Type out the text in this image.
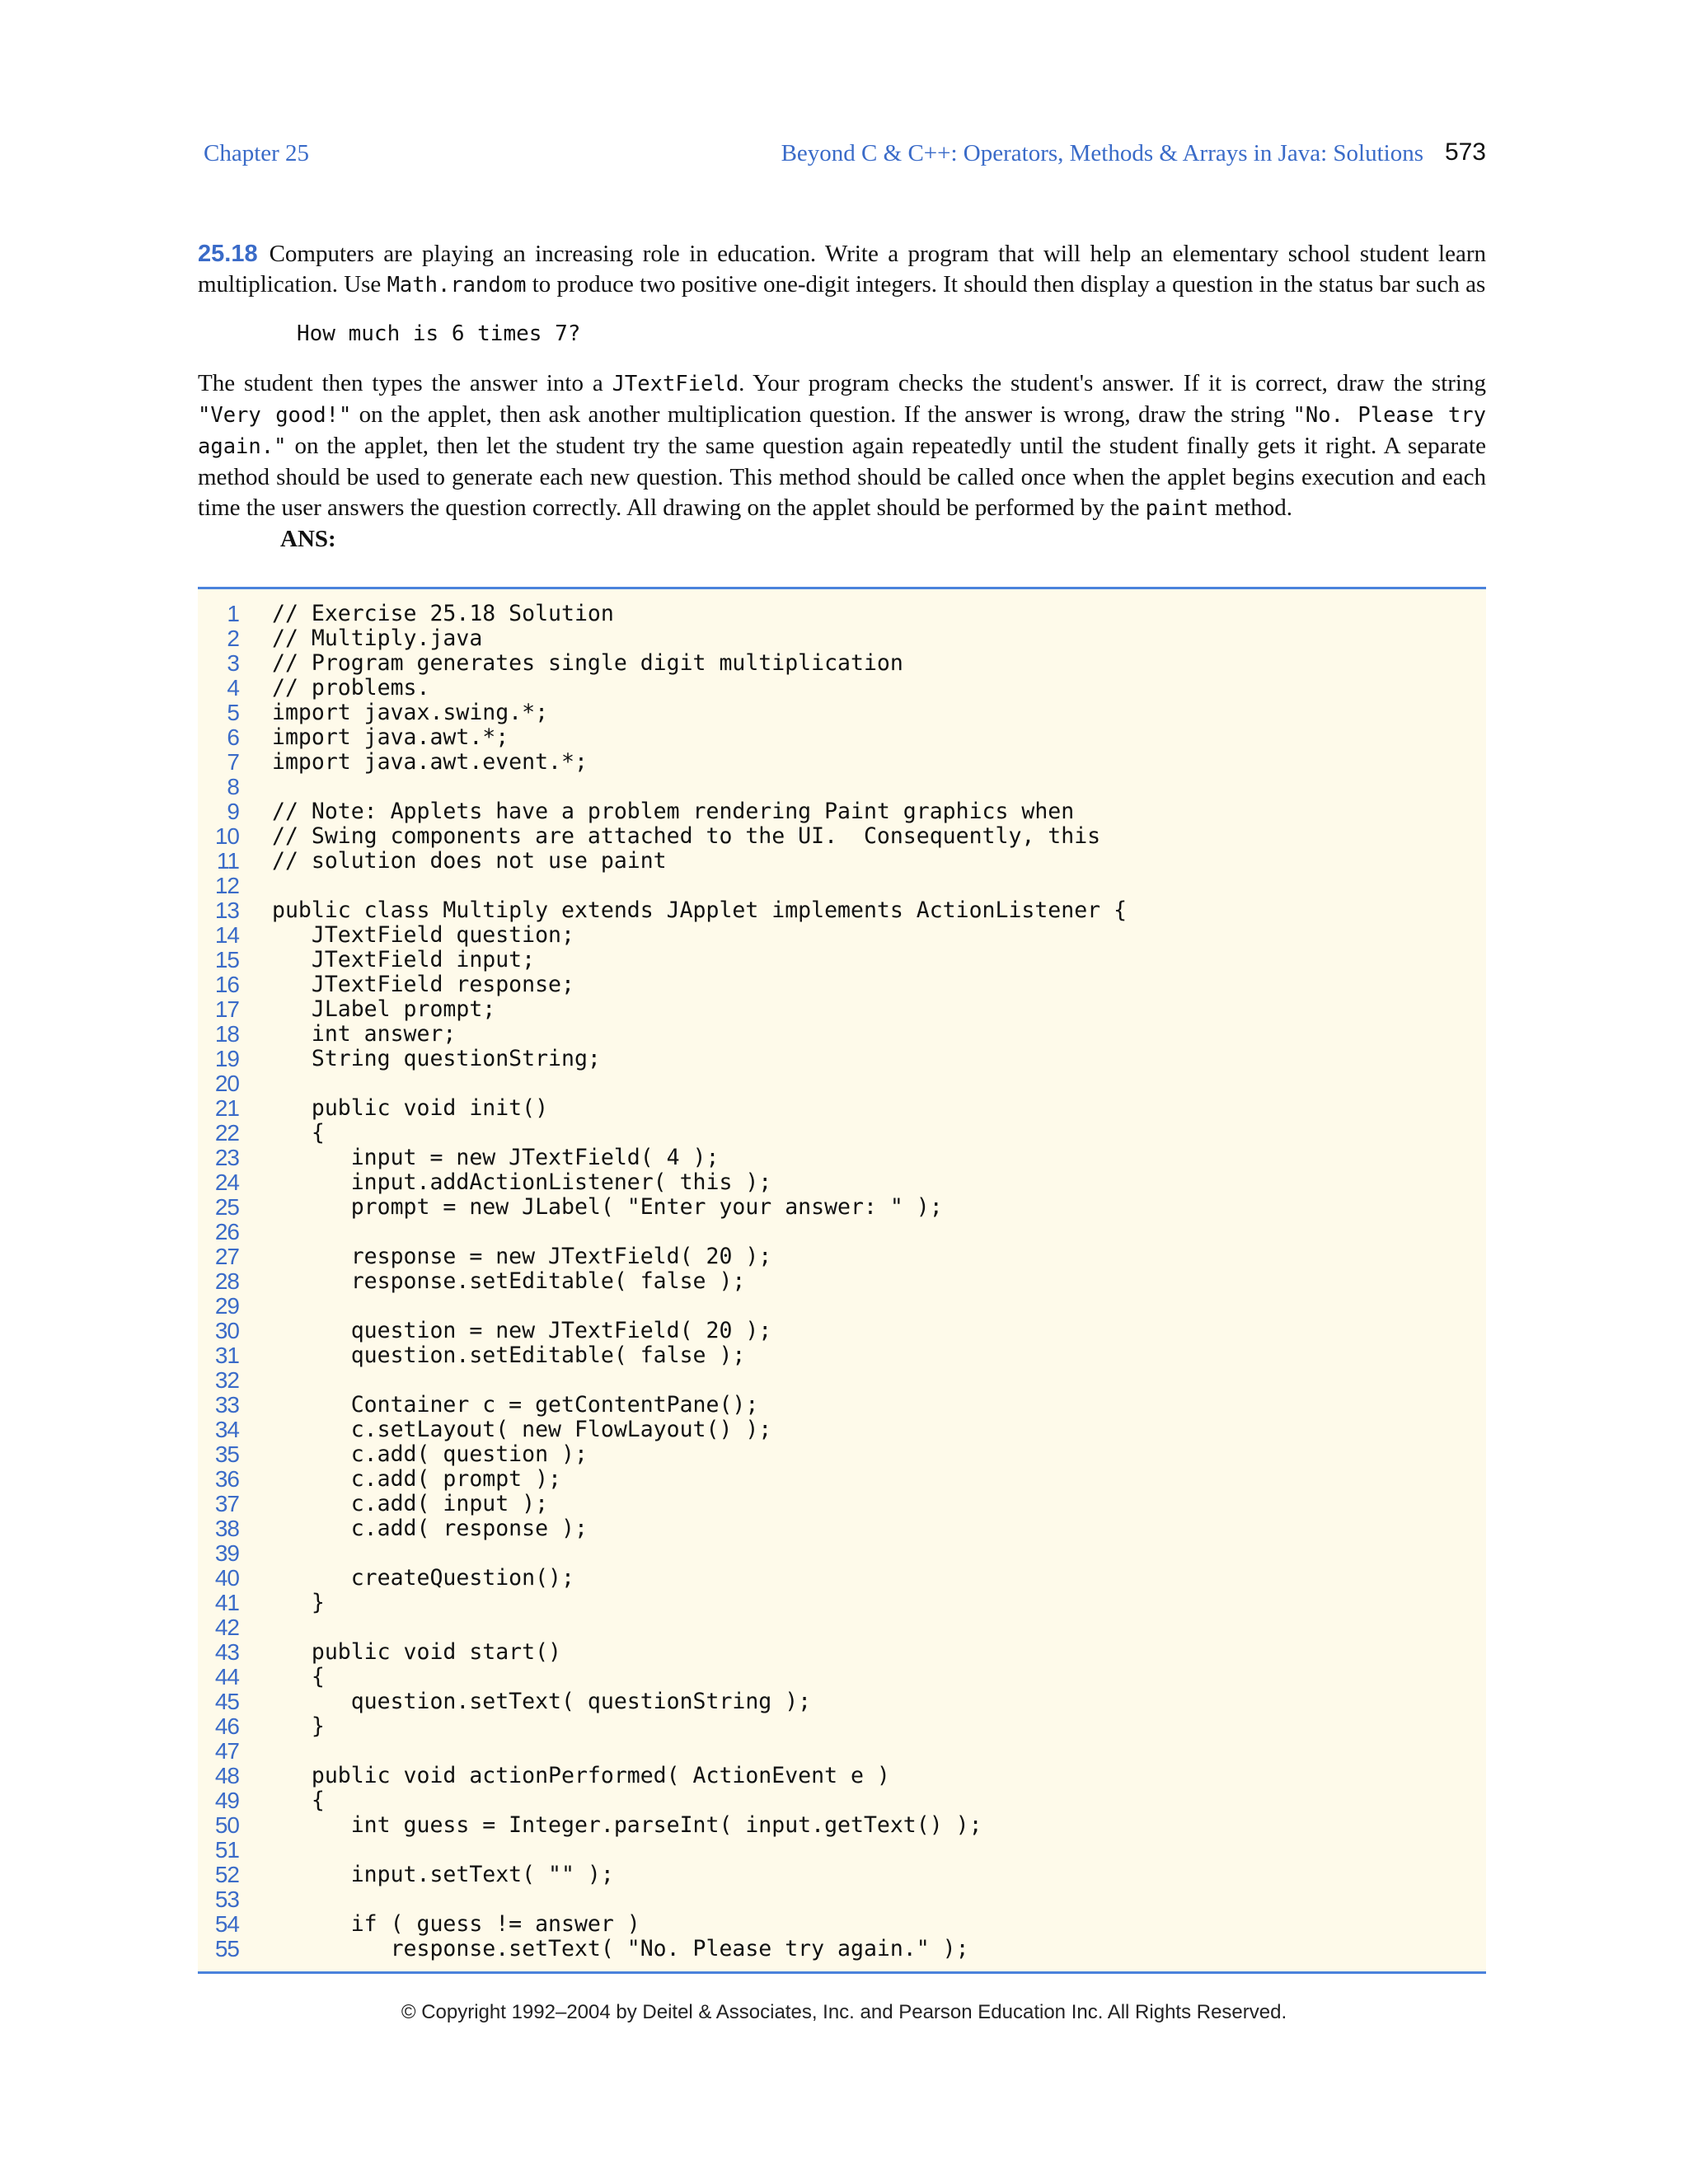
Chapter 25	Beyond C & C++: Operators, Methods & Arrays in Java: Solutions 573

25.18 Computers are playing an increasing role in education. Write a program that will help an elementary school student learn multiplication. Use Math.random to produce two positive one-digit integers. It should then display a question in the status bar such as

How much is 6 times 7?

The student then types the answer into a JTextField. Your program checks the student's answer. If it is correct, draw the string "Very good!" on the applet, then ask another multiplication question. If the answer is wrong, draw the string "No. Please try again." on the applet, then let the student try the same question again repeatedly until the student finally gets it right. A separate method should be used to generate each new question. This method should be called once when the applet begins execution and each time the user answers the question correctly. All drawing on the applet should be performed by the paint method.

ANS:

1 // Exercise 25.18 Solution
2 // Multiply.java
3 // Program generates single digit multiplication
4 // problems.
5 import javax.swing.*;
6 import java.awt.*;
7 import java.awt.event.*;
8
9 // Note: Applets have a problem rendering Paint graphics when
10 // Swing components are attached to the UI.  Consequently, this
11 // solution does not use paint
12
13 public class Multiply extends JApplet implements ActionListener {
14 JTextField question;
15 JTextField input;
16 JTextField response;
17 JLabel prompt;
18 int answer;
19 String questionString;
20
21 public void init()
22 {
23 input = new JTextField( 4 );
24 input.addActionListener( this );
25 prompt = new JLabel( "Enter your answer: " );
26
27 response = new JTextField( 20 );
28 response.setEditable( false );
29
30 question = new JTextField( 20 );
31 question.setEditable( false );
32
33 Container c = getContentPane();
34 c.setLayout( new FlowLayout() );
35 c.add( question );
36 c.add( prompt );
37 c.add( input );
38 c.add( response );
39
40 createQuestion();
41 }
42
43 public void start()
44 {
45 question.setText( questionString );
46 }
47
48 public void actionPerformed( ActionEvent e )
49 {
50 int guess = Integer.parseInt( input.getText() );
51
52 input.setText( "" );
53
54 if ( guess != answer )
55 response.setText( "No. Please try again." );
© Copyright 1992–2004 by Deitel & Associates, Inc. and Pearson Education Inc. All Rights Reserved.
